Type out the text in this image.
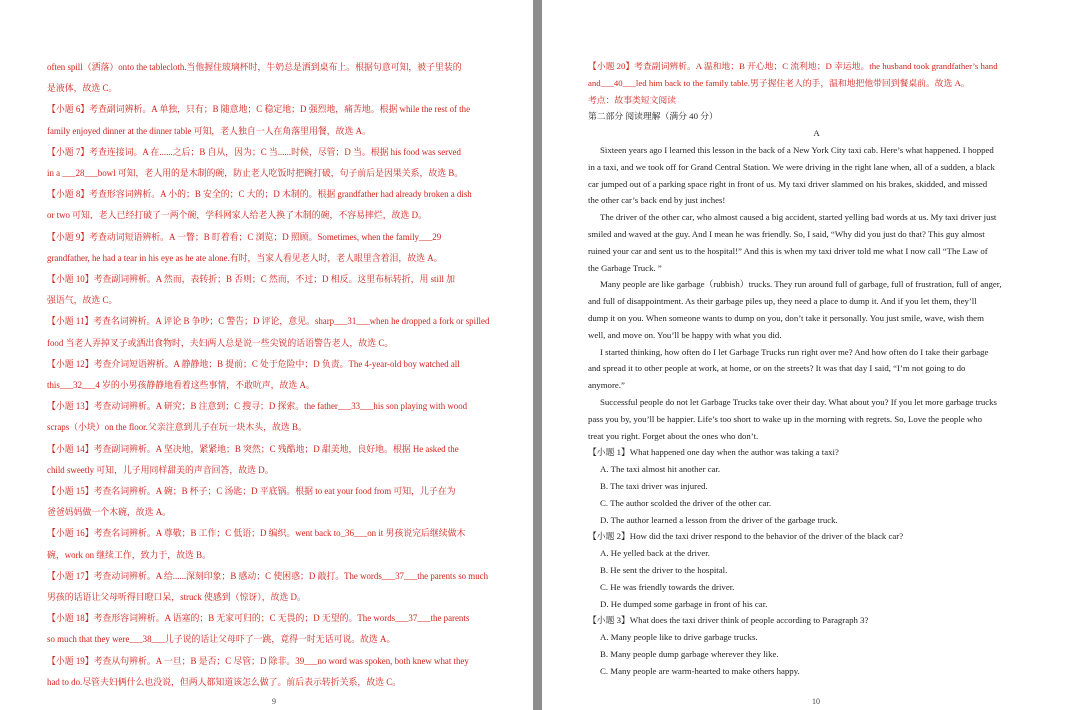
often spill（洒落）onto the tablecloth.当他握住玻璃杯时，牛奶总是洒到桌布上。根据句意可知，被子里装的
是液体，故选 C。
【小题 6】考查副词辨析。A 单独，只有；B 随意地；C 稳定地；D 强烈地，痛苦地。根据 while the rest of the
family enjoyed dinner at the dinner table 可知，老人独自一人在角落里用餐，故选 A。
【小题 7】考查连接词。A 在......之后；B 自从，因为；C 当......时候，尽管；D 当。根据 his food was served
in a ___28___bowl 可知，老人用的是木制的碗，防止老人吃饭时把碗打破，句子前后是因果关系，故选 B。
【小题 8】考查形容词辨析。A 小的；B 安全的；C 大的；D 木制的。根据 grandfather had already broken a dish
or two 可知，老人已经打破了一两个碗，学科网家人给老人换了木制的碗，不容易摔烂，故选 D。
【小题 9】考查动词短语辨析。A 一瞥；B 盯着看；C 浏览；D 照顾。Sometimes, when the family___29
grandfather, he had a tear in his eye as he ate alone.有时，当家人看见老人时，老人眼里含着泪，故选 A。
【小题 10】考查副词辨析。A 然而，表转折；B 否则；C 然而，不过；D 相反。这里布标转折，用 still 加
强语气，故选 C。
【小题 11】考查名词辨析。A 评论 B 争吵；C 警告；D 评论，意见。sharp___31___when he dropped a fork or spilled
food 当老人弄掉叉子或洒出食物时，夫妇两人总是说一些尖锐的话语警告老人，故选 C。
【小题 12】考查介词短语辨析。A 静静地；B 提前；C 处于危险中；D 负责。The 4-year-old boy watched all
this___32___4 岁的小男孩静静地看着这些事情，不敢吭声，故选 A。
【小题 13】考查动词辨析。A 研究；B 注意到；C 搜寻；D 探索。the father___33___his son playing with wood
scraps（小块）on the floor.父亲注意到儿子在玩一块木头，故选 B。
【小题 14】考查副词辨析。A 坚决地，紧紧地；B 突然；C 残酷地；D 甜美地，良好地。根据 He asked the
child sweetly 可知，儿子用同样甜美的声音回答，故选 D。
【小题 15】考查名词辨析。A 碗；B 杯子；C 汤匙；D 平底锅。根据 to eat your food from 可知，儿子在为
爸爸妈妈做一个木碗，故选 A。
【小题 16】考查名词辨析。A 尊敬；B 工作；C 低语；D 编织。went back to_36___on it 男孩说完后继续做木
碗，work on 继续工作，致力于，故选 B。
【小题 17】考查动词辨析。A 给......深刻印象；B 感动；C 使困惑；D 敲打。The words___37___the parents so much
男孩的话语让父母听得目瞪口呆，struck 使感到（惊讶），故选 D。
【小题 18】考查形容词辨析。A 语塞的；B 无家可归的；C 无畏的；D 无望的。The words___37___the parents
so much that they were___38___儿子说的话让父母吓了一跳，竟得一时无话可说。故选 A。
【小题 19】考查从句辨析。A 一旦；B 是否；C 尽管；D 除非。39___no word was spoken, both knew what they
had to do.尽管夫妇俩什么也没说，但两人都知道该怎么做了。前后表示转折关系，故选 C。
9
【小题 20】考查副词辨析。A 温和地；B 开心地；C 流利地；D 幸运地。the husband took grandfather’s hand
and___40___led him back to the family table.男子握住老人的手，温和地把他带回到餐桌前。故选 A。
考点：故事类短文阅读
第二部分 阅读理解（满分 40 分）
A
Sixteen years ago I learned this lesson in the back of a New York City taxi cab. Here’s what happened. I hopped
in a taxi, and we took off for Grand Central Station. We were driving in the right lane when, all of a sudden, a black
car jumped out of a parking space right in front of us. My taxi driver slammed on his brakes, skidded, and missed
the other car’s back end by just inches!
The driver of the other car, who almost caused a big accident, started yelling bad words at us. My taxi driver just
smiled and waved at the guy. And I mean he was friendly. So, I said, “Why did you just do that? This guy almost
ruined your car and sent us to the hospital!” And this is when my taxi driver told me what I now call “The Law of
the Garbage Truck. ”
Many people are like garbage（rubbish）trucks. They run around full of garbage, full of frustration, full of anger,
and full of disappointment. As their garbage piles up, they need a place to dump it. And if you let them, they’ll
dump it on you. When someone wants to dump on you, don’t take it personally. You just smile, wave, wish them
well, and move on. You’ll be happy with what you did.
I started thinking, how often do I let Garbage Trucks run right over me? And how often do I take their garbage
and spread it to other people at work, at home, or on the streets? It was that day I said, “I’m not going to do
anymore.”
Successful people do not let Garbage Trucks take over their day. What about you? If you let more garbage trucks
pass you by, you’ll be happier. Life’s too short to wake up in the morning with regrets. So, Love the people who
treat you right. Forget about the ones who don’t.
【小题 1】What happened one day when the author was taking a taxi?
A. The taxi almost hit another car.
B. The taxi driver was injured.
C. The author scolded the driver of the other car.
D. The author learned a lesson from the driver of the garbage truck.
【小题 2】How did the taxi driver respond to the behavior of the driver of the black car?
A. He yelled back at the driver.
B. He sent the driver to the hospital.
C. He was friendly towards the driver.
D. He dumped some garbage in front of his car.
【小题 3】What does the taxi driver think of people according to Paragraph 3?
A. Many people like to drive garbage trucks.
B. Many people dump garbage wherever they like.
C. Many people are warm-hearted to make others happy.
10
